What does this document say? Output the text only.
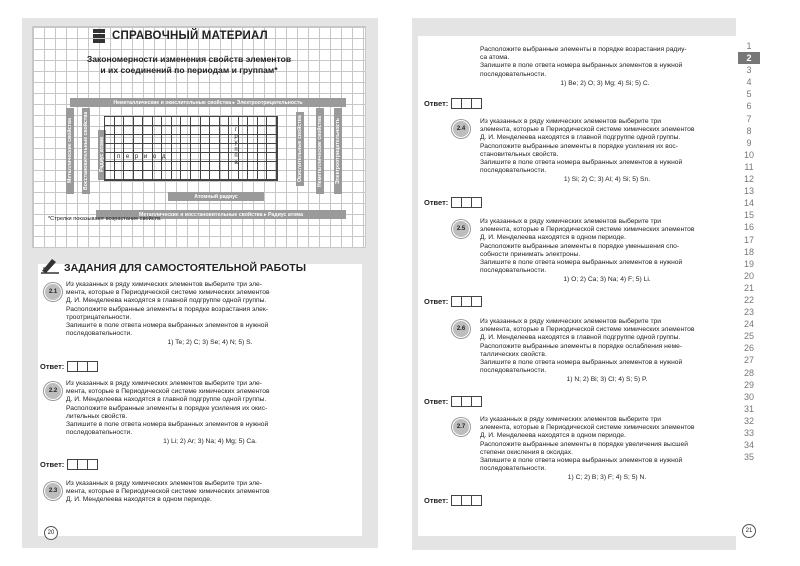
СПРАВОЧНЫЙ МАТЕРИАЛ
Закономерности изменения свойств элементов
и их соединений по периодам и группам*
Неметаллические и окислительные свойства ▸ Электроотрицательность
Металлические свойства Восстановительные свойства Радиус атома	Окислительные свойства	Неметаллические свойства Электроотрицательность
Атомный радиус
Металлические и восстановительные свойства ▸ Радиус атома
п е р и о д
г р у п п а
*Стрелки показывают возрастание свойств.
ЗАДАНИЯ ДЛЯ САМОСТОЯТЕЛЬНОЙ РАБОТЫ
2.1
Из указанных в ряду химических элементов выберите три эле-
мента, которые в Периодической системе химических элементов
Д. И. Менделеева находятся в главной подгруппе одной группы.
Расположите выбранные элементы в порядке возрастания элек-
троотрицательности.
Запишите в поле ответа номера выбранных элементов в нужной
последовательности.
1) Te; 2) C; 3) Se; 4) N; 5) S.
Ответ:
2.2
Из указанных в ряду химических элементов выберите три эле-
мента, которые в Периодической системе химических элементов
Д. И. Менделеева находятся в главной подгруппе одной группы.
Расположите выбранные элементы в порядке усиления их окис-
лительных свойств.
Запишите в поле ответа номера выбранных элементов в нужной
последовательности.
1) Li; 2) Ar; 3) Na; 4) Mg; 5) Ca.
Ответ:
2.3
Из указанных в ряду химических элементов выберите три эле-
мента, которые в Периодической системе химических элементов
Д. И. Менделеева находятся в одном периоде.
20
Расположите выбранные элементы в порядке возрастания радиу-
са атома.
Запишите в поле ответа номера выбранных элементов в нужной
последовательности.
1) Be; 2) O; 3) Mg; 4) Si; 5) C.
Ответ:
2.4
Из указанных в ряду химических элементов выберите три
элемента, которые в Периодической системе химических элементов
Д. И. Менделеева находятся в главной подгруппе одной группы.
Расположите выбранные элементы в порядке усиления их вос-
становительных свойств.
Запишите в поле ответа номера выбранных элементов в нужной
последовательности.
1) Si; 2) C; 3) Al; 4) Si; 5) Sn.
Ответ:
2.5
Из указанных в ряду химических элементов выберите три
элемента, которые в Периодической системе химических элементов
Д. И. Менделеева находятся в одном периоде.
Расположите выбранные элементы в порядке уменьшения спо-
собности принимать электроны.
Запишите в поле ответа номера выбранных элементов в нужной
последовательности.
1) O; 2) Ca; 3) Na; 4) F; 5) Li.
Ответ:
2.6
Из указанных в ряду химических элементов выберите три
элемента, которые в Периодической системе химических элементов
Д. И. Менделеева находятся в главной подгруппе одной группы.
Расположите выбранные элементы в порядке ослабления неме-
таллических свойств.
Запишите в поле ответа номера выбранных элементов в нужной
последовательности.
1) N; 2) Bi; 3) Cl; 4) S; 5) P.
Ответ:
2.7
Из указанных в ряду химических элементов выберите три
элемента, которые в Периодической системе химических элементов
Д. И. Менделеева находятся в одном периоде.
Расположите выбранные элементы в порядке увеличения высшей
степени окисления в оксидах.
Запишите в поле ответа номера выбранных элементов в нужной
последовательности.
1) C; 2) B; 3) F; 4) S; 5) N.
Ответ:
21
1
2
3
4
5
6
7
8
9
10
11
12
13
14
15
16
17
18
19
20
21
22
23
24
25
26
27
28
29
30
31
32
33
34
35
